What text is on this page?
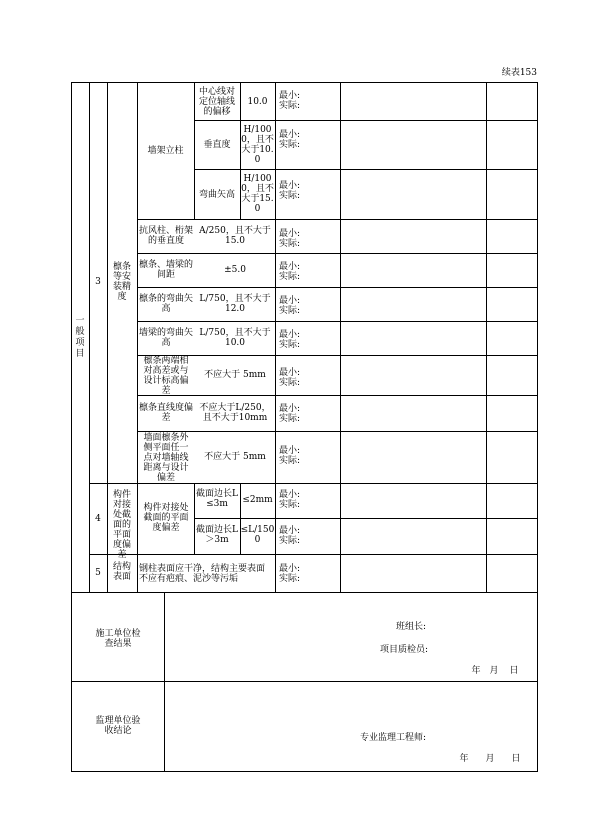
续表153
一般项目
3
檩条等安装精度
墙架立柱
中心线对定位轴线的偏移
10.0
垂直度
H/1000，且不大于10.0
弯曲矢高
H/1000，且不大于15.0
抗风柱、桁架的垂直度
A/250，且不大于15.0
檩条、墙梁的间距	±5.0
檩条的弯曲矢高
L/750，且不大于12.0
墙梁的弯曲矢高
L/750，且不大于10.0
檩条两端相对高差或与设计标高偏差
不应大于 5mm
檩条直线度偏差
不应大于L/250，且不大于10mm
墙面檩条外侧平面任一点对墙轴线距离与设计偏差
不应大于 5mm
4
构件对接处截面的平面度偏差
构件对接处截面的平面度偏差
截面边长L≤3m	≤2mm
截面边长L＞3m
≤L/1500
5
结构表面
钢柱表面应干净，结构主要表面不应有疤痕、泥沙等污垢
最小:
实际:
最小:
实际:
最小:
实际:
最小:
实际:
最小:
实际:
最小:
实际:
最小:
实际:
最小:
实际:
最小:
实际:
最小:
实际:
最小:
实际:
最小:
实际:
最小:
实际:
施工单位检查结果
班组长:
项目质检员:
年 月 日
监理单位验收结论
专业监理工程师:
年 月 日
